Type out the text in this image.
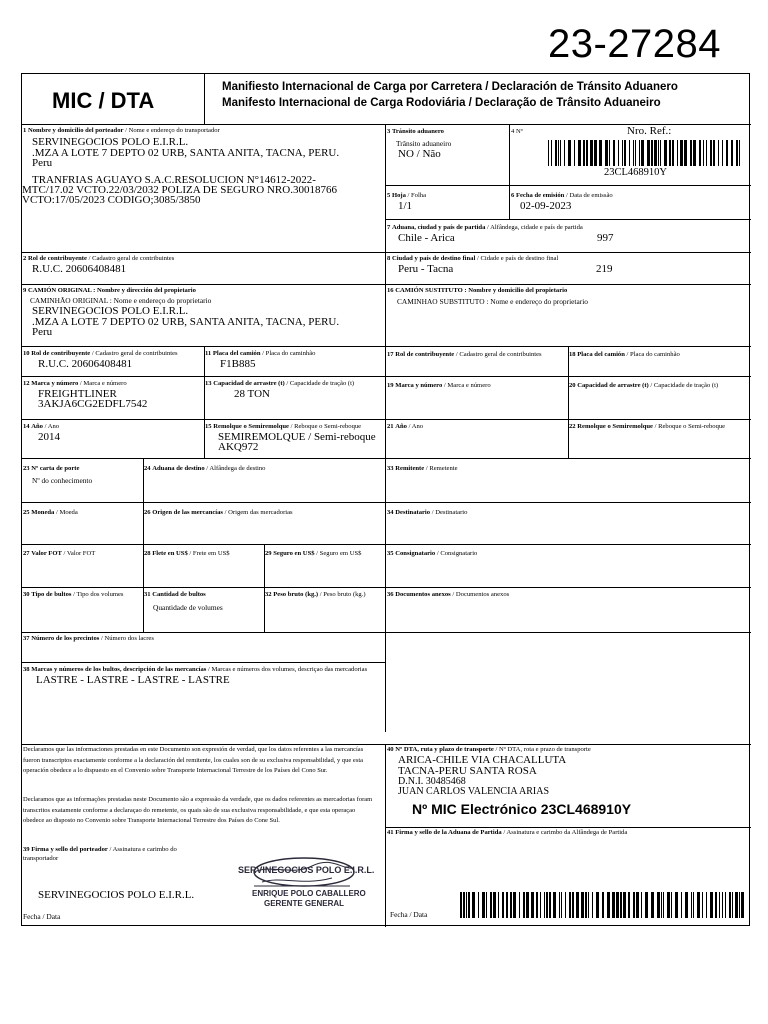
23-27284
MIC / DTA
Manifiesto Internacional de Carga por Carretera / Declaración de Tránsito Aduanero
Manifesto Internacional de Carga Rodoviária / Declaração de Trânsito Aduaneiro
1 Nombre y domicilio del porteador / Nome e endereço do transportador
SERVINEGOCIOS POLO E.I.R.L.
.MZA A LOTE 7 DEPTO 02 URB, SANTA ANITA, TACNA, PERU.
Peru
TRANFRIAS AGUAYO S.A.C.RESOLUCION N°14612-2022-
MTC/17.02 VCTO.22/03/2032 POLIZA DE SEGURO NRO.30018766
VCTO:17/05/2023 CODIGO;3085/3850
3 Tránsito aduanero
Trânsito aduaneiro
NO / Não
4 Nº	Nro. Ref.:
23CL468910Y
5 Hoja / Folha
1/1
6 Fecha de emisión / Data de emissão
02-09-2023
7 Aduana, ciudad y país de partida / Alfândega, cidade e país de partida
Chile - Arica	997
2 Rol de contribuyente / Cadastro geral de contribuintes
R.U.C. 20606408481
8 Ciudad y país de destino final / Cidade e país de destino final
Peru - Tacna	219
9 CAMIÓN ORIGINAL : Nombre y dirección del propietario
CAMINHÃO ORIGINAL : Nome e endereço do proprietario
SERVINEGOCIOS POLO E.I.R.L.
.MZA A LOTE 7 DEPTO 02 URB, SANTA ANITA, TACNA, PERU.
Peru
16 CAMIÓN SUSTITUTO : Nombre y domicilio del propietario
CAMINHAO SUBSTITUTO : Nome e endereço do proprietario
10 Rol de contribuyente / Cadastro geral de contribuintes
R.U.C. 20606408481
11 Placa del camión / Placa do caminhão
F1B885
17 Rol de contribuyente / Cadastro geral de contribuintes	18 Placa del camión / Placa do caminhão
12 Marca y número / Marca e número
FREIGHTLINER
3AKJA6CG2EDFL7542
13 Capacidad de arrastre (t) / Capacidade de tração (t)
28 TON
19 Marca y número / Marca e número	20 Capacidad de arrastre (t) / Capacidade de tração (t)
14 Año / Ano
2014
15 Remolque o Semiremolque / Reboque o Semi-reboque
SEMIREMOLQUE / Semi-reboque
AKQ972
21 Año / Ano	22 Remolque o Semiremolque / Reboque o Semi-reboque
23 Nº carta de porte
Nº do conhecimento
24 Aduana de destino / Alfândega de destino	33 Remitente / Remetente
25 Moneda / Moeda	26 Origen de las mercancías / Origem das mercadorias	34 Destinatario / Destinatario
27 Valor FOT / Valor FOT	28 Flete en US$ / Frete em US$	29 Seguro en US$ / Seguro em US$	35 Consignatario / Consignatario
30 Tipo de bultos / Tipo dos volumes	31 Cantidad de bultos
Quantidade de volumes
32 Peso bruto (kg.) / Peso bruto (kg.)	36 Documentos anexos / Documentos anexos
37 Número de los precintos / Número dos lacres
38 Marcas y números de los bultos, descripción de las mercancías / Marcas e números dos volumes, descriçao das mercadorias
LASTRE - LASTRE - LASTRE - LASTRE
Declaramos que las informaciones prestadas en este Documento son expresión de verdad, que los datos referentes a las mercancías fueron transcriptos exactamente conforme a la declaración del remitente, los cuales son de su exclusiva responsabilidad, y que esta operación obedece a lo dispuesto en el Convenio sobre Transporte Internacional Terrestre de los Países del Cono Sur.
Declaramos que as informações prestadas neste Documento são a expressão da verdade, que os dados referentes as mercadorias foram transcritos exatamente conforme a declaraçao do remetente, os quais são de sua exclusiva responsabilidade, e que esta operaçao obedece ao disposto no Convenio sobre Transporte Internacional Terrestre dos Países do Cone Sul.
39 Firma y sello del porteador / Assinatura e carimbo do transportador
SERVINEGOCIOS POLO E.I.R.L.
Fecha / Data
SERVINEGOCIOS POLO E.I.R.L.
ENRIQUE POLO CABALLERO
GERENTE GENERAL
40 Nº DTA, ruta y plazo de transporte / Nº DTA, rota e prazo de transporte
ARICA-CHILE VIA CHACALLUTA
TACNA-PERU SANTA ROSA
D.N.I. 30485468
JUAN CARLOS VALENCIA ARIAS
Nº MIC Electrónico 23CL468910Y
41 Firma y sello de la Aduana de Partida / Assinatura e carimbo da Alfândega de Partida
Fecha / Data
